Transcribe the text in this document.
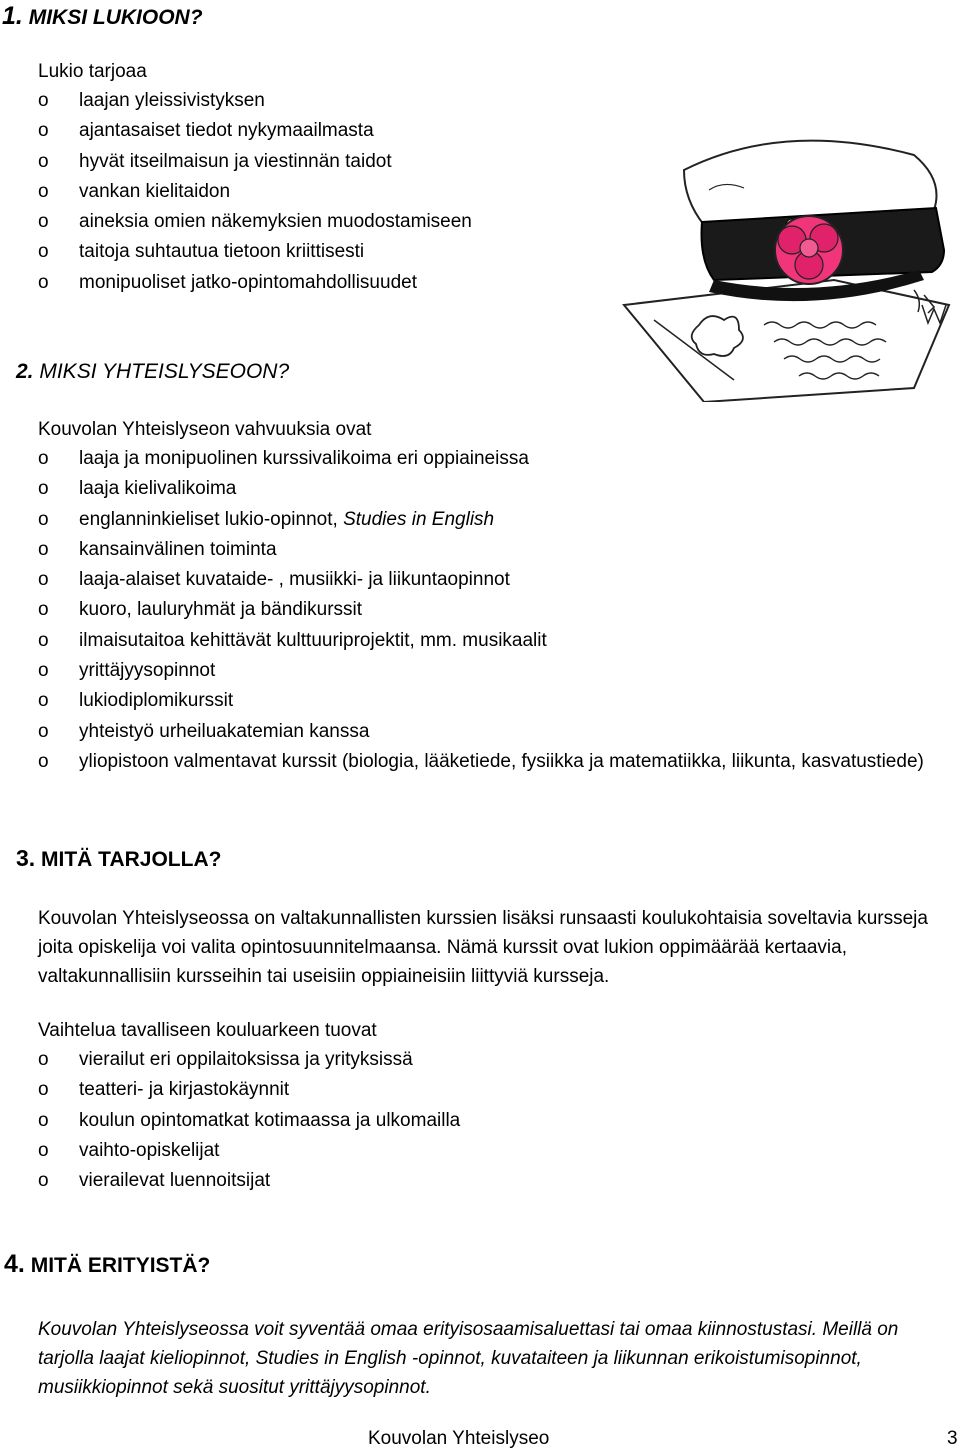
1. MIKSI LUKIOON?
Lukio tarjoaa
o laajan yleissivistyksen
o ajantasaiset tiedot nykymaailmasta
o hyvät itseilmaisun ja viestinnän taidot
o vankan kielitaidon
o aineksia omien näkemyksien muodostamiseen
o taitoja suhtautua tietoon kriittisesti
o monipuoliset jatko-opintomahdollisuudet
2. MIKSI YHTEISLYSEOON?
Kouvolan Yhteislyseon vahvuuksia ovat
o laaja ja monipuolinen kurssivalikoima eri oppiaineissa
o laaja kielivalikoima
o englanninkieliset lukio-opinnot, Studies in English
o kansainvälinen toiminta
o laaja-alaiset kuvataide- , musiikki- ja liikuntaopinnot
o kuoro, lauluryhmät ja bändikurssit
o ilmaisutaitoa kehittävät kulttuuriprojektit, mm. musikaalit
o yrittäjyysopinnot
o lukiodiplomikurssit
o yhteistyö urheiluakatemian kanssa
o yliopistoon valmentavat kurssit (biologia, lääketiede, fysiikka ja matematiikka, liikunta, kasvatustiede)
3. MITÄ TARJOLLA?

Kouvolan Yhteislyseossa on valtakunnallisten kurssien lisäksi runsaasti koulukohtaisia soveltavia kursseja joita opiskelija voi valita opintosuunnitelmaansa. Nämä kurssit ovat lukion oppimäärää kertaavia, valtakunnallisiin kursseihin tai useisiin oppiaineisiin liittyviä kursseja.

Vaihtelua tavalliseen kouluarkeen tuovat
o vierailut eri oppilaitoksissa ja yrityksissä
o teatteri- ja kirjastokäynnit
o koulun opintomatkat kotimaassa ja ulkomailla
o vaihto-opiskelijat
o vierailevat luennoitsijat
4. MITÄ ERITYISTÄ?

Kouvolan Yhteislyseossa voit syventää omaa erityisosaamisaluettasi tai omaa kiinnostustasi. Meillä on tarjolla laajat kieliopinnot, Studies in English -opinnot, kuvataiteen ja liikunnan erikoistumisopinnot, musiikkiopinnot sekä suositut yrittäjyysopinnot.

Kouvolan Yhteislyseo	3
